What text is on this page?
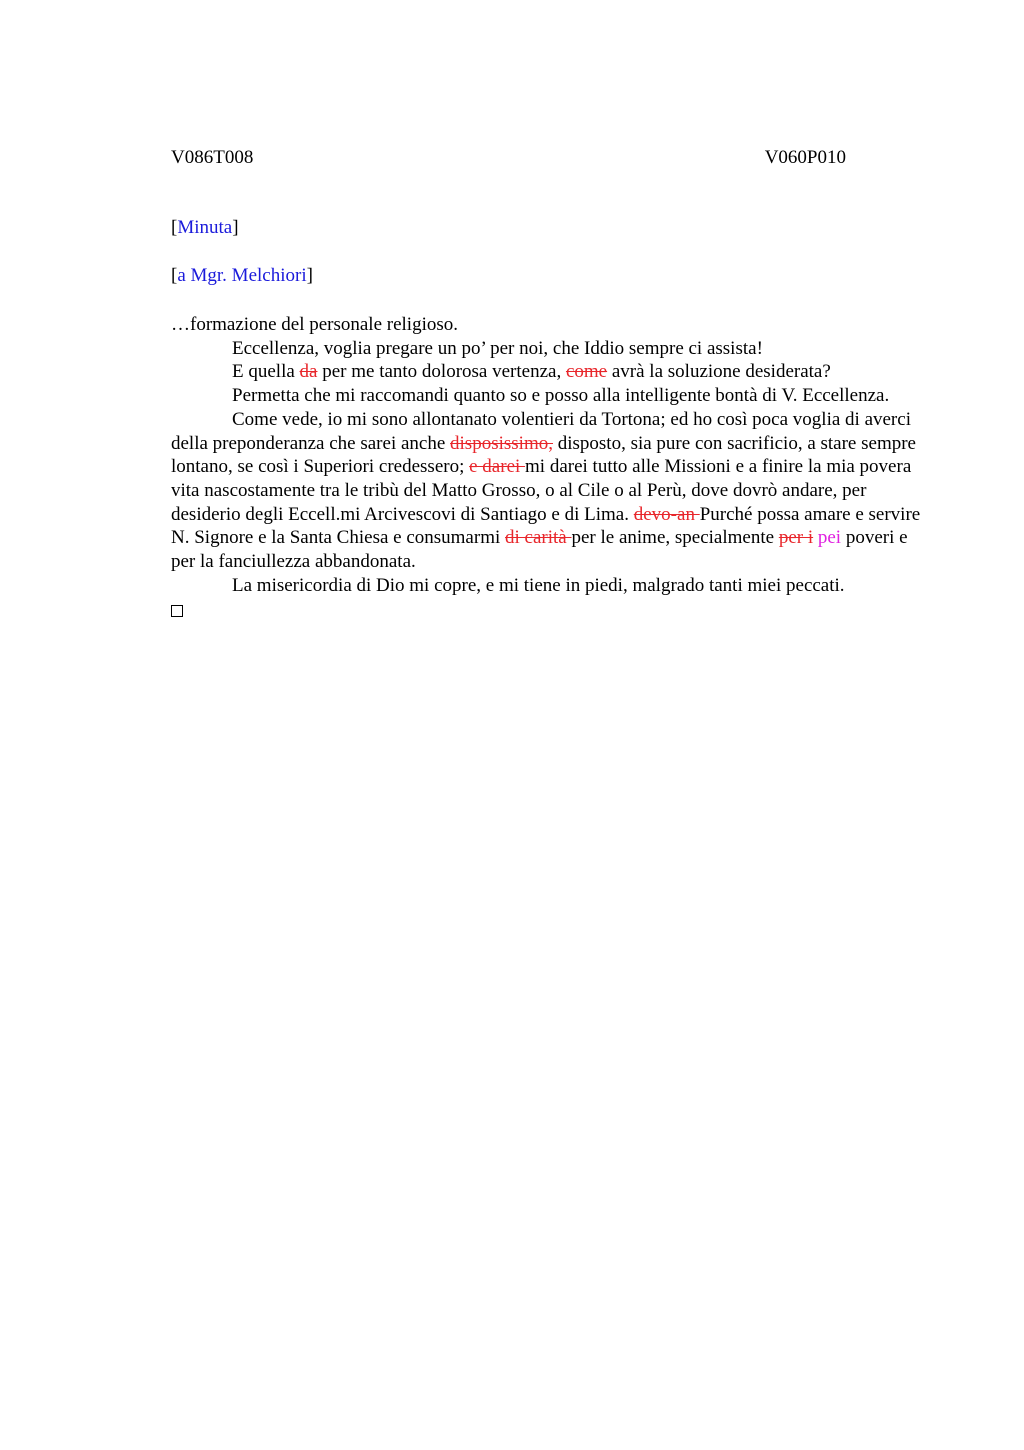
V086T008	V060P010
[Minuta]
[a Mgr. Melchiori]

…formazione del personale religioso.

Eccellenza, voglia pregare un po’ per noi, che Iddio sempre ci assista!

E quella da per me tanto dolorosa vertenza, come avrà la soluzione desiderata?

Permetta che mi raccomandi quanto so e posso alla intelligente bontà di V. Eccellenza.

Come vede, io mi sono allontanato volentieri da Tortona; ed ho così poca voglia di averci della preponderanza che sarei anche disposissimo, disposto, sia pure con sacrificio, a stare sempre lontano, se così i Superiori credessero; e darei mi darei tutto alle Missioni e a finire la mia povera vita nascostamente tra le tribù del Matto Grosso, o al Cile o al Perù, dove dovrò andare, per desiderio degli Eccell.mi Arcivescovi di Santiago e di Lima. devo-an Purché possa amare e servire N. Signore e la Santa Chiesa e consumarmi di carità per le anime, specialmente per i pei poveri e per la fanciullezza abbandonata.

La misericordia di Dio mi copre, e mi tiene in piedi, malgrado tanti miei peccati.
